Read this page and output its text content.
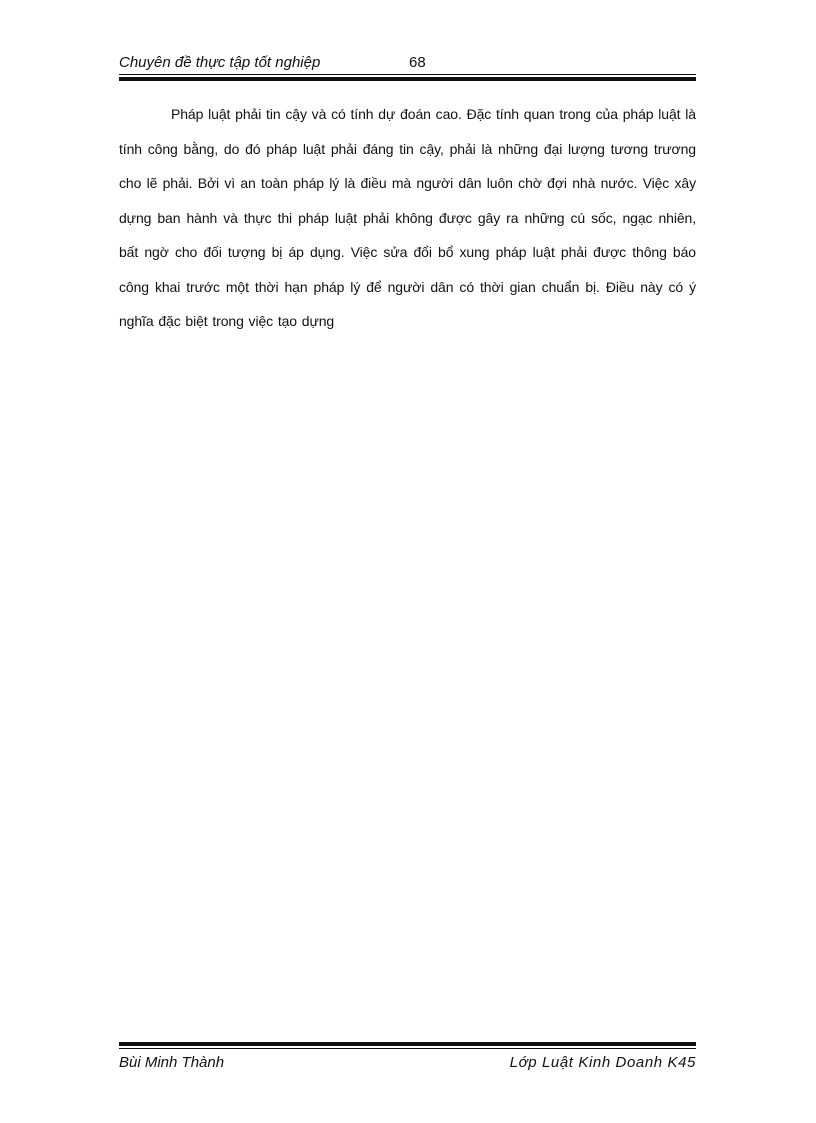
Chuyên đề thực tập tốt nghiệp	68

Pháp luật phải tin cậy và có tính dự đoán cao. Đặc tính quan trong của pháp luật là tính công bằng, do đó pháp luật phải đáng tin cậy, phải là những đại lượng tương trương cho lẽ phải. Bởi vì an toàn pháp lý là điều mà người dân luôn chờ đợi nhà nước. Việc xây dựng ban hành và thực thi pháp luật phải không được gây ra những cú sốc, ngạc nhiên, bất ngờ cho đối tượng bị áp dụng. Việc sửa đổi bổ xung pháp luật phải được thông báo công khai trước một thời hạn pháp lý để người dân có thời gian chuẩn bị. Điều này có ý nghĩa đặc biệt trong việc tạo dựng

Bùi Minh Thành	Lớp Luật Kinh Doanh K45
